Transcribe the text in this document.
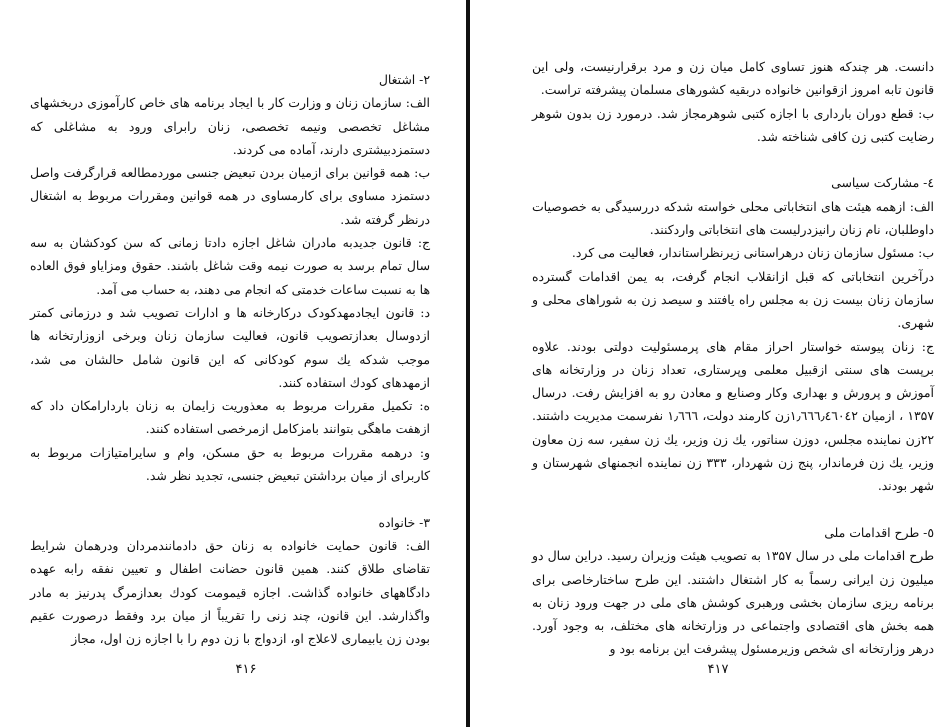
۲- اشتغال

الف: سازمان زنان و وزارت کار با ایجاد برنامه های خاص کارآموزی دربخشهای مشاغل تخصصی ونیمه تخصصی، زنان رابرای ورود به مشاغلی که دستمزدبیشتری دارند، آماده می کردند.

ب: همه قوانین برای ازمیان بردن تبعیض جنسی موردمطالعه قرارگرفت واصل دستمزد مساوی برای کارمساوی در همه قوانین ومقررات مربوط به اشتغال درنظر گرفته شد.

ج: قانون جدیدبه مادران شاغل اجازه دادتا زمانی که سن کودکشان به سه سال تمام برسد به صورت نیمه وقت شاغل باشند. حقوق ومزایاو فوق العاده ها به نسبت ساعات خدمتی که انجام می دهند، به حساب می آمد.

د: قانون ایجادمهدکودک درکارخانه ها و ادارات تصویب شد و درزمانی کمتر ازدوسال بعدازتصویب قانون، فعالیت سازمان زنان وبرخی ازوزارتخانه ها موجب شدکه یك سوم کودکانی که این قانون شامل حالشان می شد، ازمهدهای کودك استفاده کنند.

ه: تکمیل مقررات مربوط به معذوریت زایمان به زنان باردارامکان داد که ازهفت ماهگی بتوانند بامزکامل ازمرخصی استفاده کنند.

و: درهمه مقررات مربوط به حق مسکن، وام و سایرامتیازات مربوط به کاربرای از میان برداشتن تبعیض جنسی، تجدید نظر شد.

۳- خانواده

الف: قانون حمایت خانواده به زنان حق دادمانندمردان ودرهمان شرایط تقاضای طلاق کنند. همین قانون حضانت اطفال و تعیین نفقه رابه عهده دادگاههای خانواده گذاشت. اجازه قیمومت کودك بعدازمرگ پدرنیز به مادر واگذارشد. این قانون، چند زنی را تقریباً از میان برد وفقط درصورت عقیم بودن زن یابیماری لاعلاج او، ازدواج با زن دوم را با اجازه زن اول، مجاز

۴۱۶

دانست. هر چندکه هنوز تساوی کامل میان زن و مرد برقرارنیست، ولی این قانون تابه امروز ازقوانین خانواده دربقیه کشورهای مسلمان پیشرفته تراست.

ب: قطع دوران بارداری با اجازه کتبی شوهرمجاز شد. درمورد زن بدون شوهر رضایت کتبی زن کافی شناخته شد.

٤- مشارکت سیاسی

الف: ازهمه هیئت های انتخاباتی محلی خواسته شدکه دررسیدگی به خصوصیات داوطلبان، نام زنان رانیزدرلیست های انتخاباتی واردکنند.

ب: مسئول سازمان زنان درهراستانی زیرنظراستاندار، فعالیت می کرد.

درآخرین انتخاباتی که قبل ازانقلاب انجام گرفت، به یمن اقدامات گسترده سازمان زنان بیست زن به مجلس راه یافتند و سیصد زن به شوراهای محلی و شهری.

ج: زنان پیوسته خواستار احراز مقام های پرمسئولیت دولتی بودند. علاوه برپست های سنتی ازقبیل معلمی وپرستاری، تعداد زنان در وزارتخانه های آموزش و پرورش و بهداری وکار وصنایع و معادن رو به افزایش رفت. درسال ۱۳۵۷ ، ازمیان ۱٫٦٦٦٫٤٦٠٤۲زن کارمند دولت، ۱٫٦٦٦ نفرسمت مدیریت داشتند. ۲۲زن نماینده مجلس، دوزن سناتور، یك زن وزیر، یك زن سفیر، سه زن معاون وزیر، یك زن فرماندار، پنج زن شهردار، ۳۳۳ زن نماینده انجمنهای شهرستان و شهر بودند.

٥- طرح اقدامات ملی

طرح اقدامات ملی در سال ۱۳۵۷ به تصویب هیئت وزیران رسید. دراین سال دو میلیون زن ایرانی رسماً به کار اشتغال داشتند. این طرح ساختارخاصی برای برنامه ریزی سازمان بخشی ورهبری کوشش های ملی در جهت ورود زنان به همه بخش های اقتصادی واجتماعی در وزارتخانه های مختلف، به وجود آورد. درهر وزارتخانه ای شخص وزیرمسئول پیشرفت این برنامه بود و

۴۱۷
